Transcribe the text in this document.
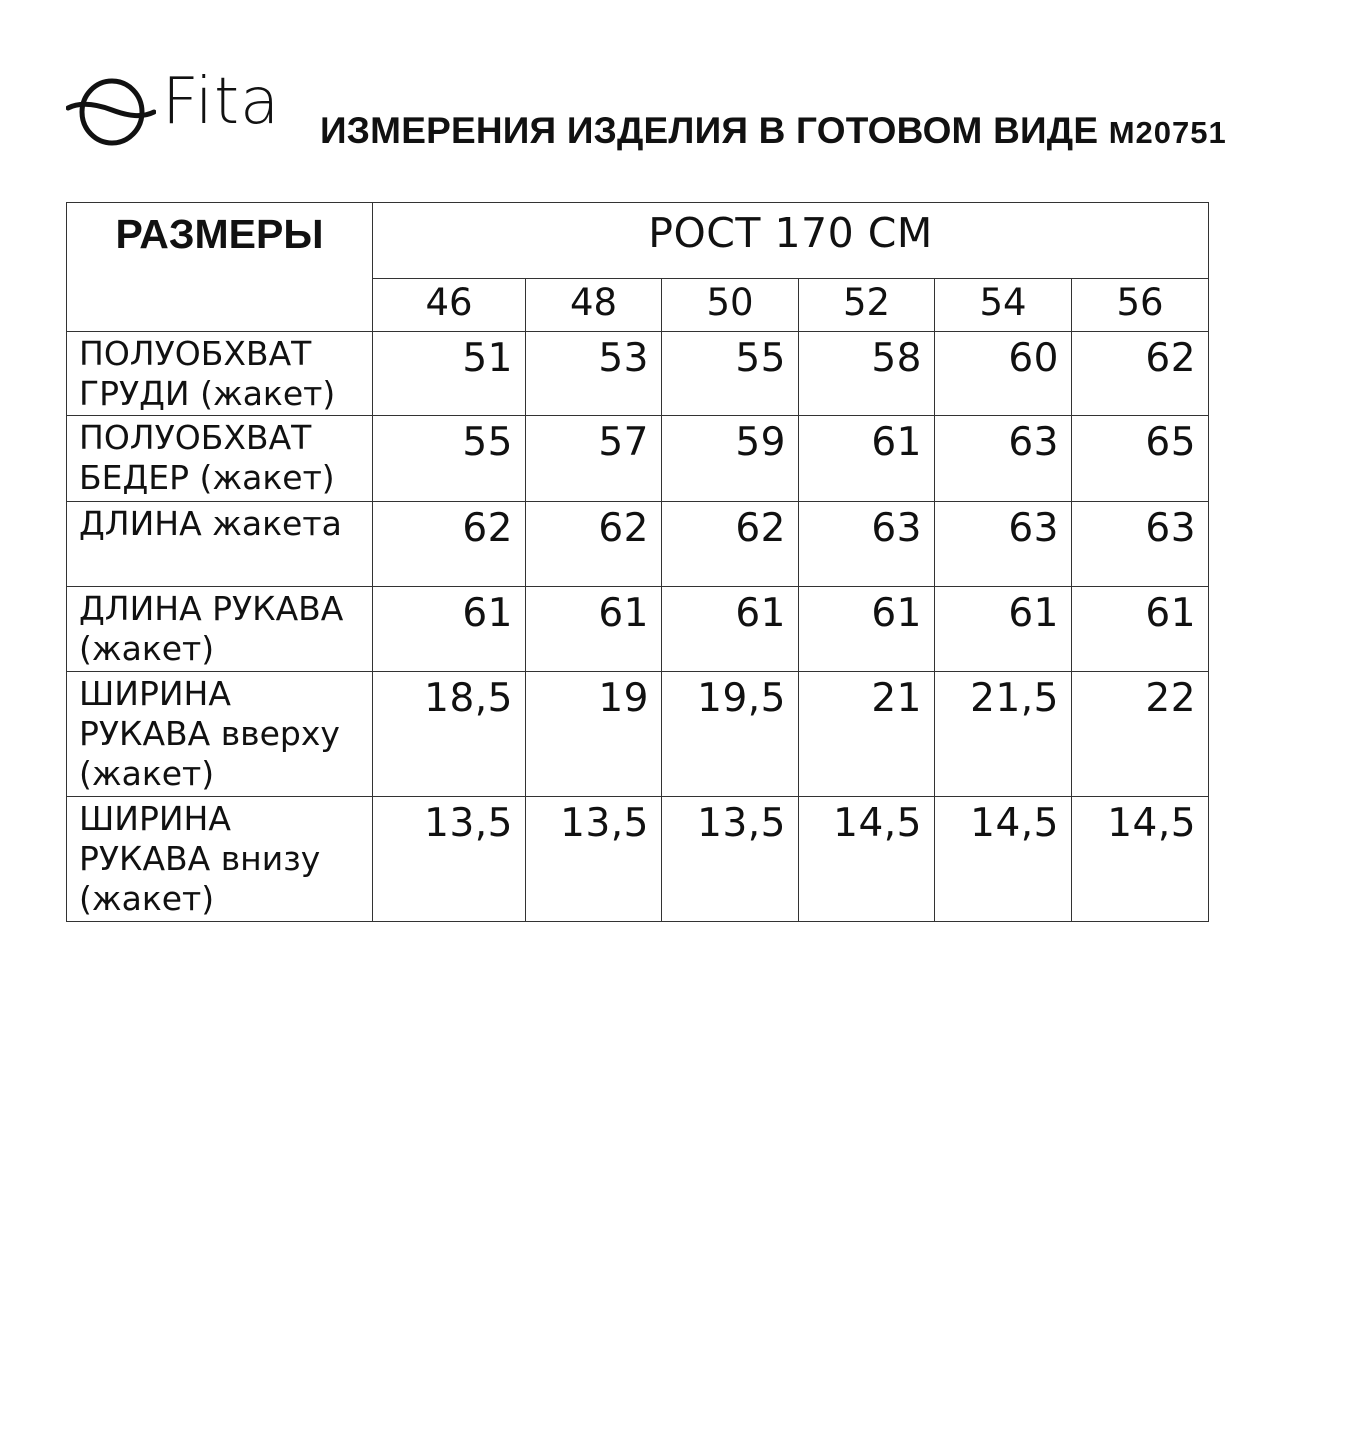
Fita ИЗМЕРЕНИЯ ИЗДЕЛИЯ В ГОТОВОМ ВИДЕ M20751
РАЗМЕРЫ	РОСТ 170 СМ					
	46	48	50	52	54	56
ПОЛУОБХВАТ
ГРУДИ (жакет)	51	53	55	58	60	62
ПОЛУОБХВАТ
БЕДЕР (жакет)	55	57	59	61	63	65
ДЛИНА жакета	62	62	62	63	63	63
ДЛИНА РУКАВА
(жакет)	61	61	61	61	61	61
ШИРИНА
РУКАВА вверху
(жакет)	18,5	19	19,5	21	21,5	22
ШИРИНА
РУКАВА внизу
(жакет)	13,5	13,5	13,5	14,5	14,5	14,5
